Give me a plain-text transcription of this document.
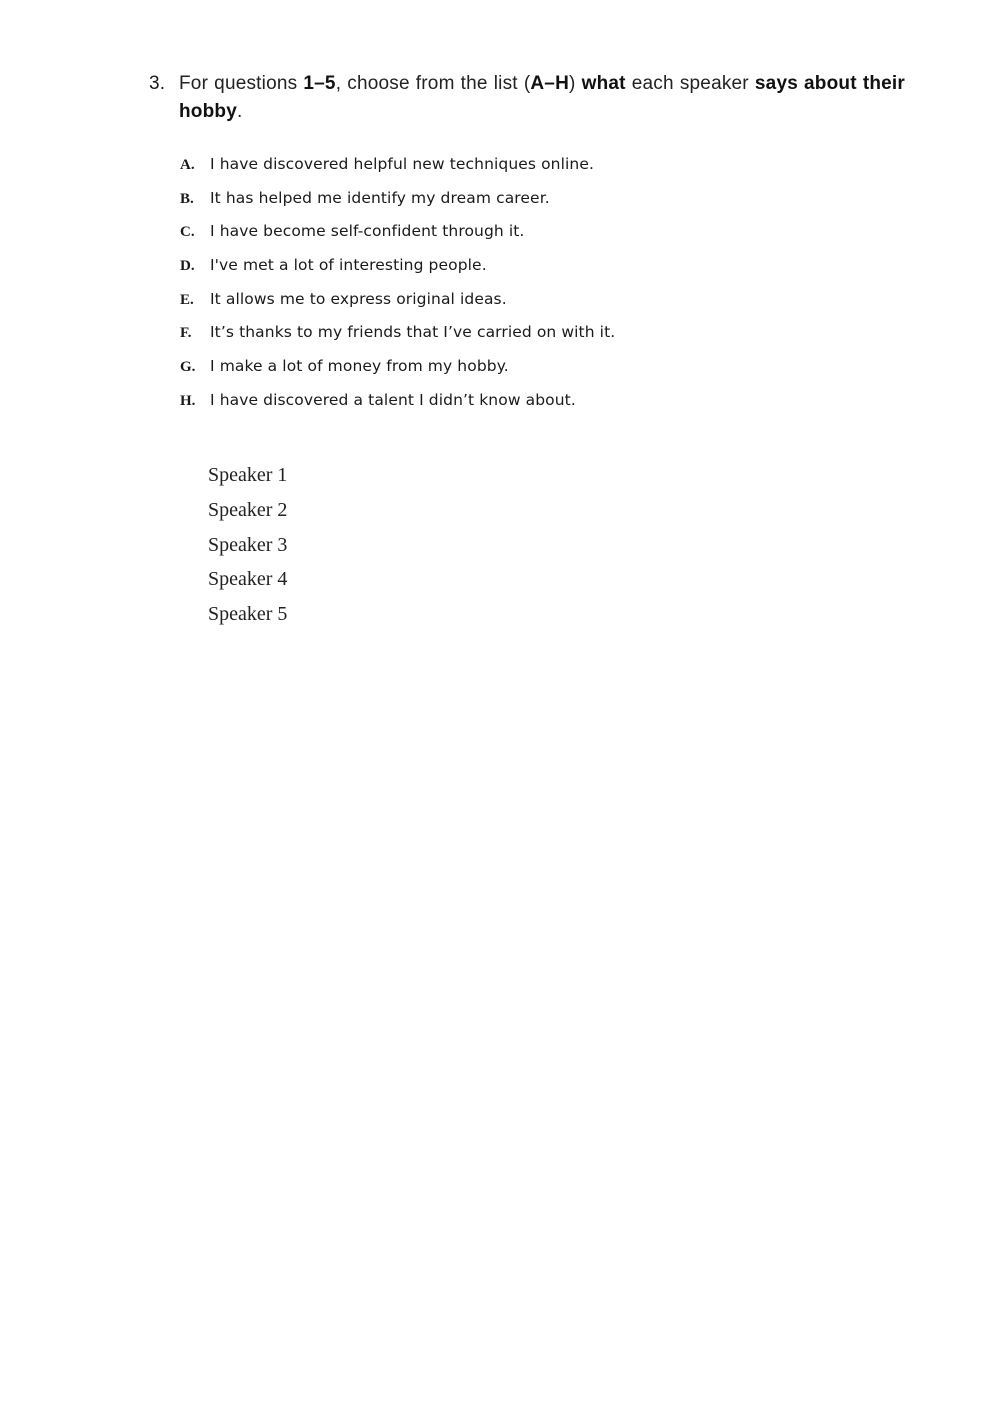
3. For questions 1–5, choose from the list (A–H) what each speaker says about their hobby.
A. I have discovered helpful new techniques online.
B.	It has helped me identify my dream career.
C. I have become self-confident through it.
D. I've met a lot of interesting people.
E.	It allows me to express original ideas.
F.	It’s thanks to my friends that I’ve carried on with it.
G. I make a lot of money from my hobby.
H. I have discovered a talent I didn’t know about.
Speaker 1
Speaker 2
Speaker 3
Speaker 4
Speaker 5
